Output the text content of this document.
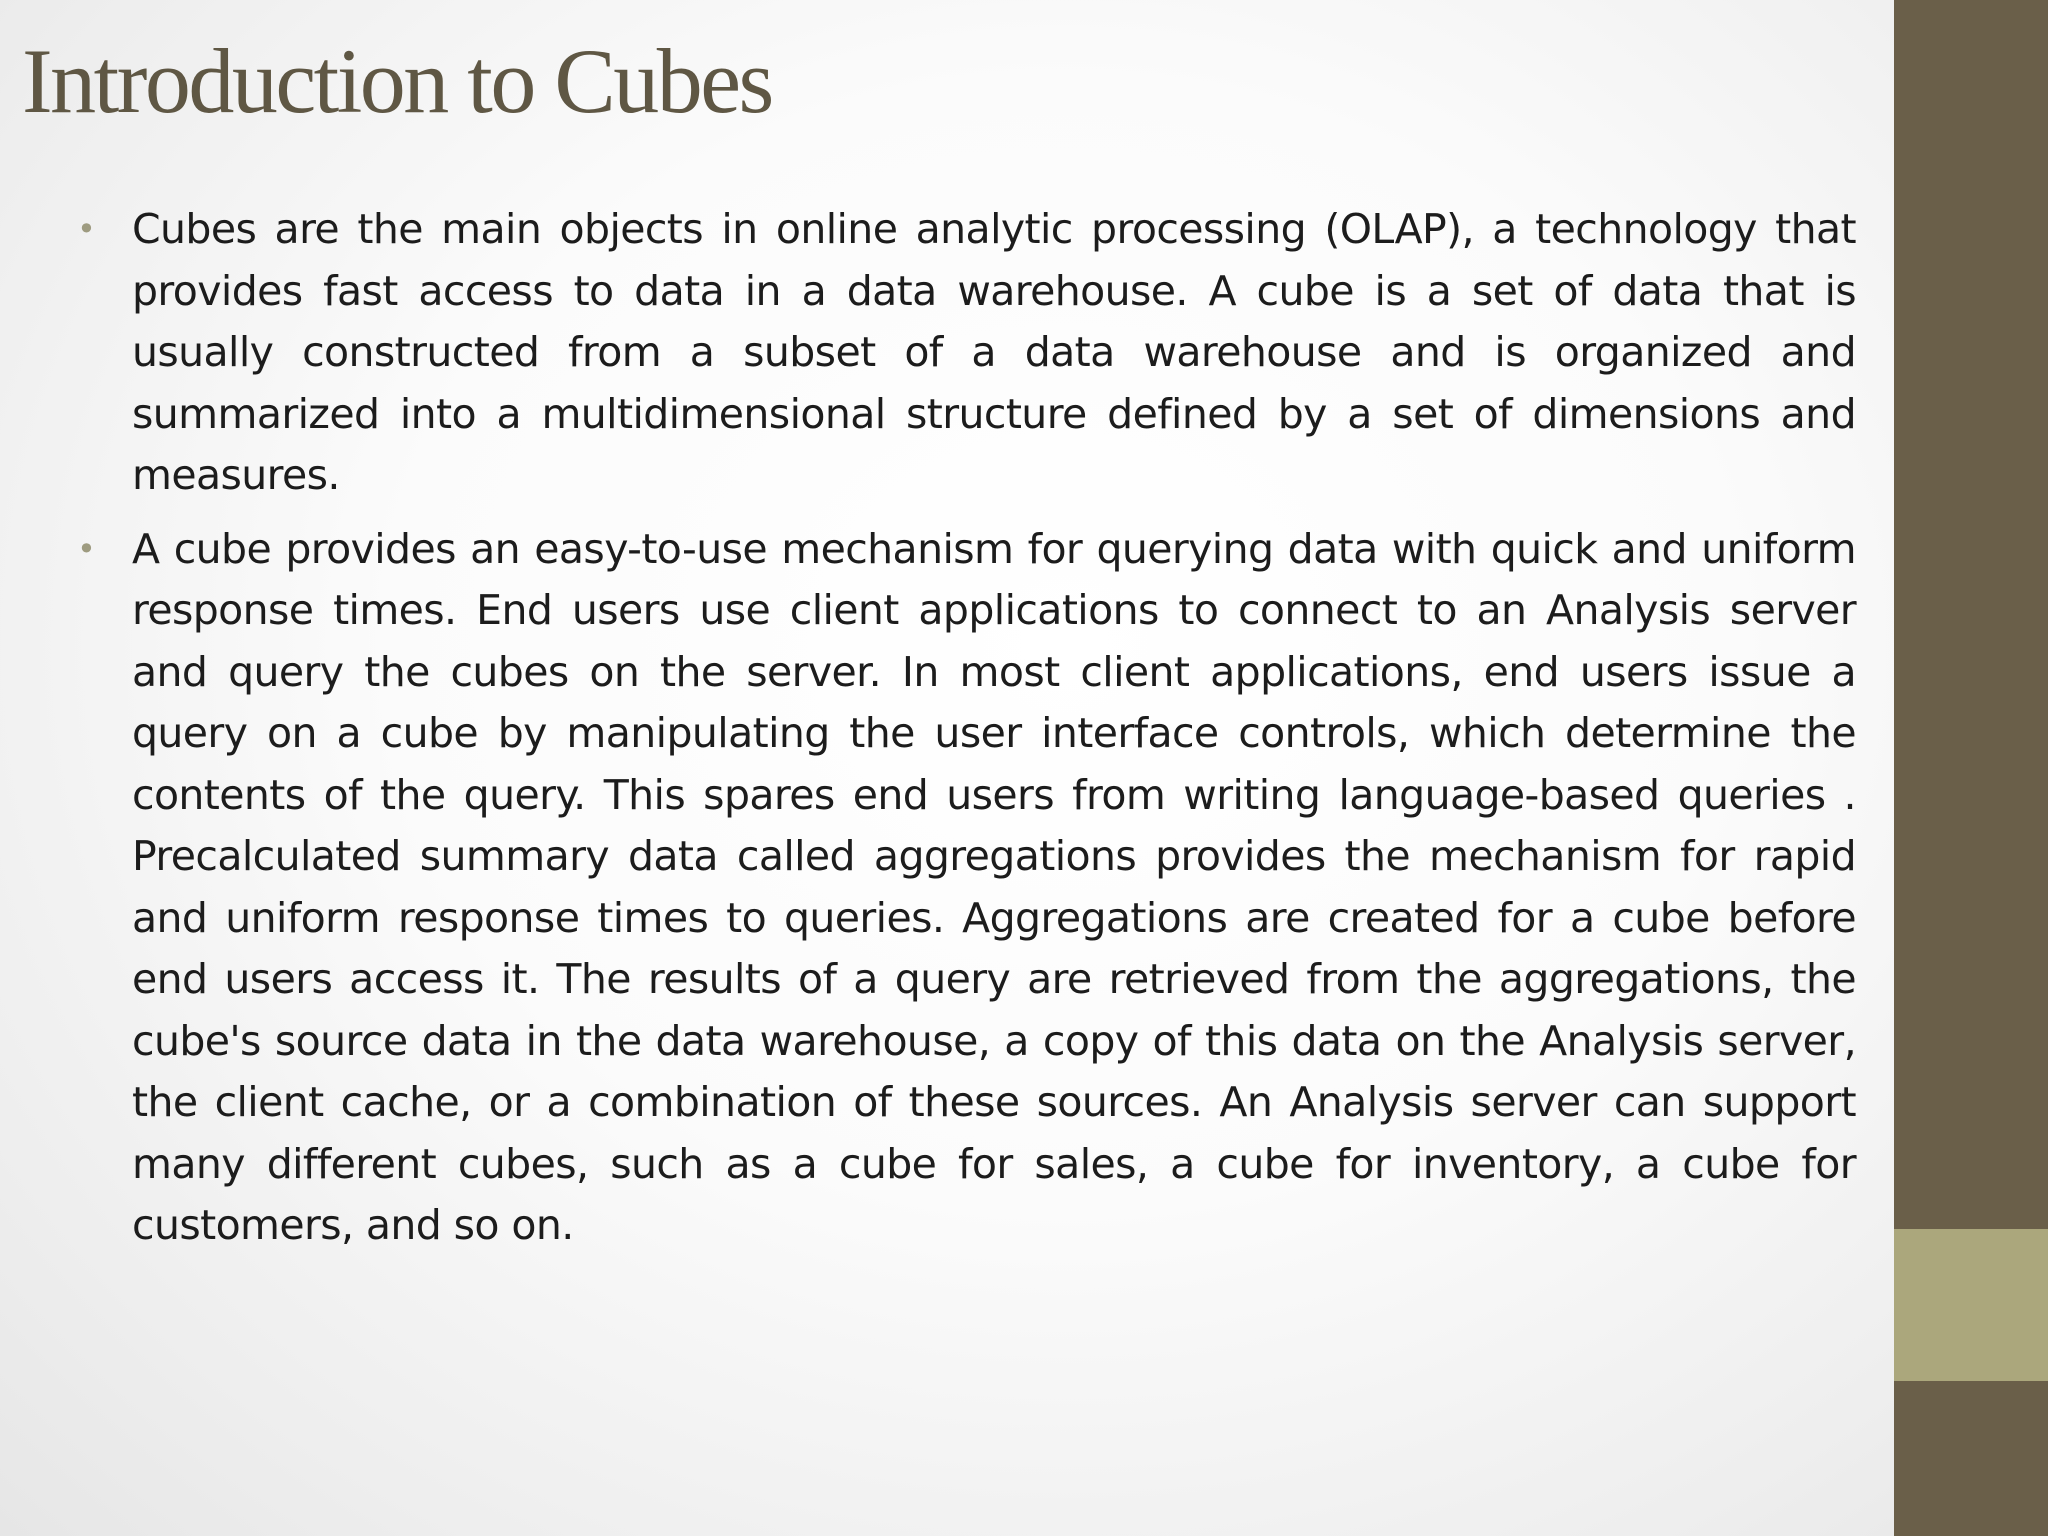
Introduction to Cubes
• Cubes are the main objects in online analytic processing (OLAP), a technology that provides fast access to data in a data warehouse. A cube is a set of data that is usually constructed from a subset of a data warehouse and is organized and summarized into a multidimensional structure defined by a set of dimensions and measures.
• A cube provides an easy-to-use mechanism for querying data with quick and uniform response times. End users use client applications to connect to an Analysis server and query the cubes on the server. In most client applications, end users issue a query on a cube by manipulating the user interface controls, which determine the contents of the query. This spares end users from writing language-based queries . Precalculated summary data called aggregations provides the mechanism for rapid and uniform response times to queries. Aggregations are created for a cube before end users access it. The results of a query are retrieved from the aggregations, the cube's source data in the data warehouse, a copy of this data on the Analysis server, the client cache, or a combination of these sources. An Analysis server can support many different cubes, such as a cube for sales, a cube for inventory, a cube for customers, and so on.
